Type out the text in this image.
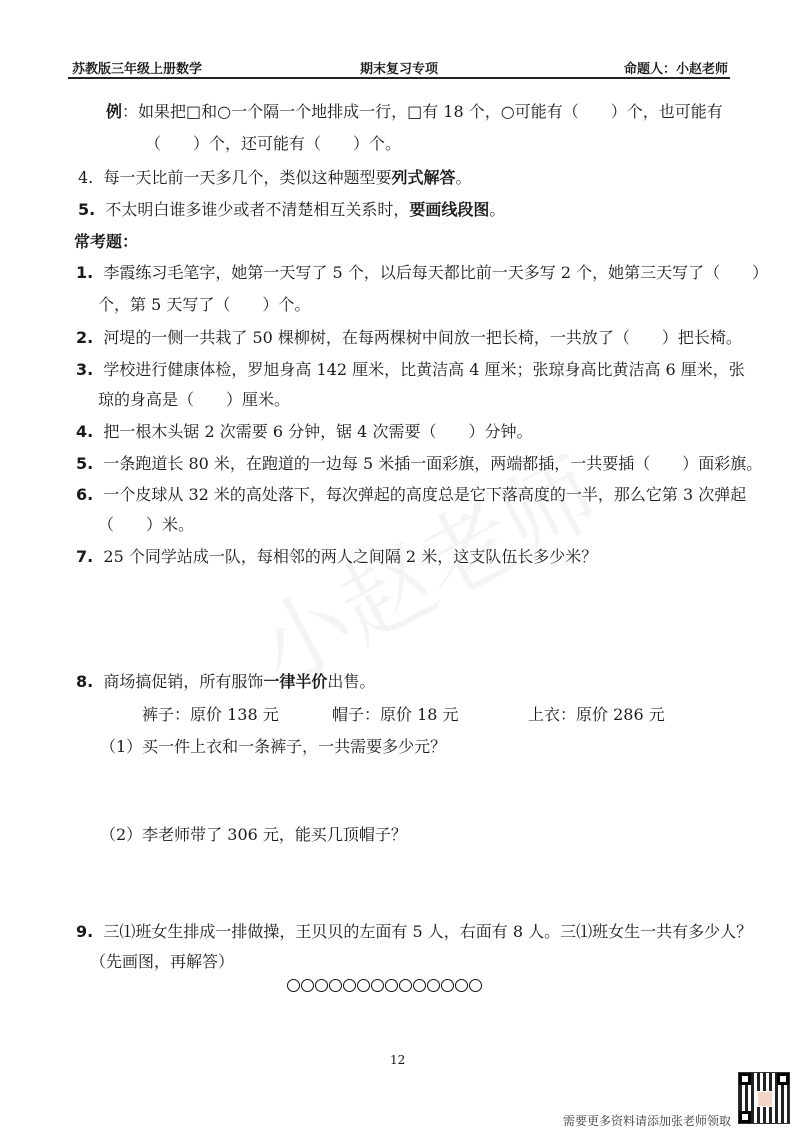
苏教版三年级上册数学	期末复习专项	命题人：小赵老师
例：如果把□和○一个隔一个地排成一行，□有 18 个，○可能有（　　）个，也可能有
（　　）个，还可能有（　　）个。
4. 每一天比前一天多几个，类似这种题型要列式解答。
5. 不太明白谁多谁少或者不清楚相互关系时，要画线段图。
常考题：
1. 李霞练习毛笔字，她第一天写了 5 个，以后每天都比前一天多写 2 个，她第三天写了（　　）
个，第 5 天写了（　　）个。
2. 河堤的一侧一共栽了 50 棵柳树，在每两棵树中间放一把长椅，一共放了（　　）把长椅。
3. 学校进行健康体检，罗旭身高 142 厘米，比黄洁高 4 厘米；张琼身高比黄洁高 6 厘米，张
琼的身高是（　　）厘米。
4. 把一根木头锯 2 次需要 6 分钟，锯 4 次需要（　　）分钟。
5. 一条跑道长 80 米，在跑道的一边每 5 米插一面彩旗，两端都插，一共要插（　　）面彩旗。
6. 一个皮球从 32 米的高处落下，每次弹起的高度总是它下落高度的一半，那么它第 3 次弹起
（　　）米。
7. 25 个同学站成一队，每相邻的两人之间隔 2 米，这支队伍长多少米？
8. 商场搞促销，所有服饰一律半价出售。
裤子：原价 138 元	帽子：原价 18 元	上衣：原价 286 元
（1）买一件上衣和一条裤子，一共需要多少元？
（2）李老师带了 306 元，能买几顶帽子？
9. 三⑴班女生排成一排做操，王贝贝的左面有 5 人，右面有 8 人。三⑴班女生一共有多少人？
（先画图，再解答）
12
需要更多资料请添加张老师领取
